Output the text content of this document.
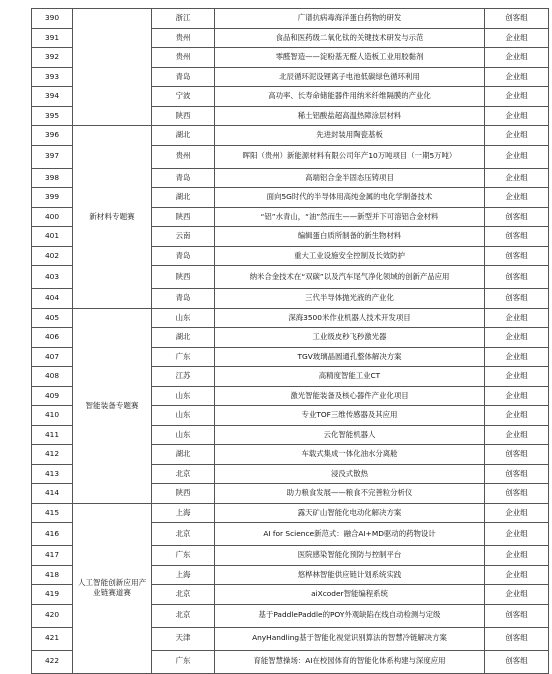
390		浙江	广谱抗病毒海洋蛋白药物的研发	创客组
391		贵州	食品和医药级二氧化钛的关键技术研发与示范	企业组
392		贵州	零醛智造——淀粉基无醛人造板工业用胶黏剂	企业组
393		青岛	北辰循环泥设锂离子电池低碳绿色循环利用	企业组
394		宁波	高功率、长寿命储能器件用纳米纤维隔膜的产业化	企业组
395		陕西	稀土铝酸盐超高温热障涂层材料	企业组
396	新材料专题赛	湖北	先进封装用陶瓷基板	企业组
397		贵州	晖阳（贵州）新能源材料有限公司年产10万吨项目（一期5万吨）	企业组
398		青岛	高端铝合金半固态压铸项目	企业组
399		湖北	面向5G时代的半导体用高纯金属的电化学制备技术	企业组
400		陕西	“铝”水青山，“油”然而生——新型并下可溶铝合金材料	创客组
401		云南	编辑蛋白质所制备的新生物材料	创客组
402		青岛	重大工业设施安全控制及长效防护	创客组
403		陕西	纳米合金技术在“双碳”以及汽车尾气净化领域的创新产品应用	创客组
404		青岛	三代半导体抛光液的产业化	创客组
405	智能装备专题赛	山东	深海3500米作业机器人技术开发项目	企业组
406		湖北	工业级皮秒飞秒激光器	企业组
407		广东	TGV玻璃晶圆通孔整体解决方案	企业组
408		江苏	高精度智能工业CT	企业组
409		山东	激光智能装备及核心器件产业化项目	企业组
410		山东	专业TOF三维传感器及其应用	企业组
411		山东	云化智能机器人	企业组
412		湖北	车载式集成一体化油水分离舱	创客组
413		北京	浸没式散热	创客组
414		陕西	助力粮食发展——粮食不完善粒分析仪	创客组
415	人工智能创新应用产业链赛道赛	上海	露天矿山智能化电动化解决方案	企业组
416		北京	AI for Science新范式：融合AI+MD驱动的药物设计	企业组
417		广东	医院感染智能化预防与控制平台	企业组
418		上海	悠桦林智能供应链计划系统实践	企业组
419		北京	aiXcoder智能编程系统	企业组
420		北京	基于PaddlePaddle的POY外观缺陷在线自动检测与定级	创客组
421		天津	AnyHandling基于智能化视觉识别算法的智慧冷链解决方案	创客组
422		广东	育能智慧操场：AI在校园体育的智能化体系构建与深度应用	创客组
